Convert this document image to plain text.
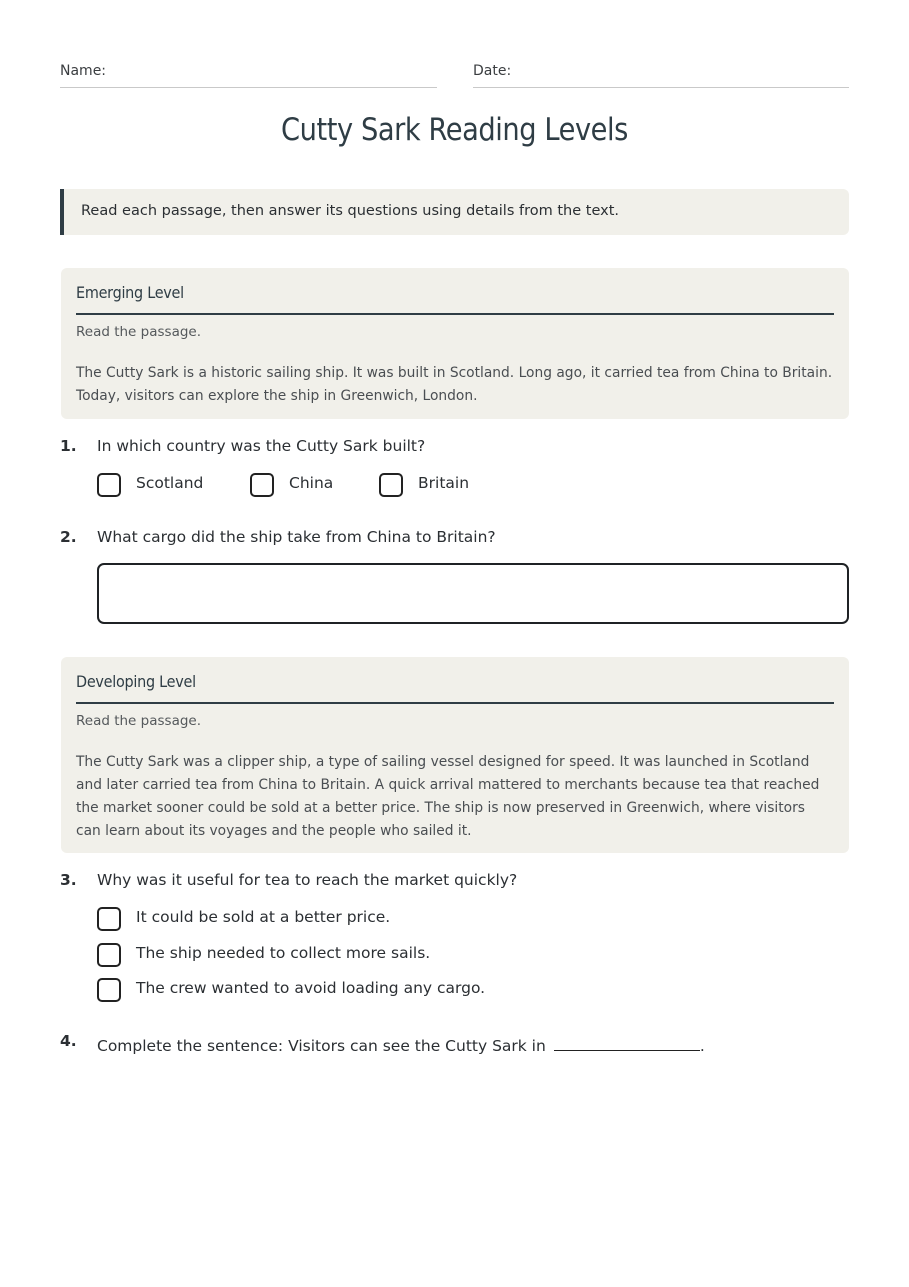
Name:	Date:
Cutty Sark Reading Levels
Read each passage, then answer its questions using details from the text.
Emerging Level
Read the passage.
The Cutty Sark is a historic sailing ship. It was built in Scotland. Long ago, it carried tea from China to Britain. Today, visitors can explore the ship in Greenwich, London.
1. In which country was the Cutty Sark built?
Scotland	China	Britain
2. What cargo did the ship take from China to Britain?
Developing Level
Read the passage.
The Cutty Sark was a clipper ship, a type of sailing vessel designed for speed. It was launched in Scotland and later carried tea from China to Britain. A quick arrival mattered to merchants because tea that reached the market sooner could be sold at a better price. The ship is now preserved in Greenwich, where visitors can learn about its voyages and the people who sailed it.
3. Why was it useful for tea to reach the market quickly?
It could be sold at a better price.
The ship needed to collect more sails.
The crew wanted to avoid loading any cargo.
4. Complete the sentence: Visitors can see the Cutty Sark in	.
